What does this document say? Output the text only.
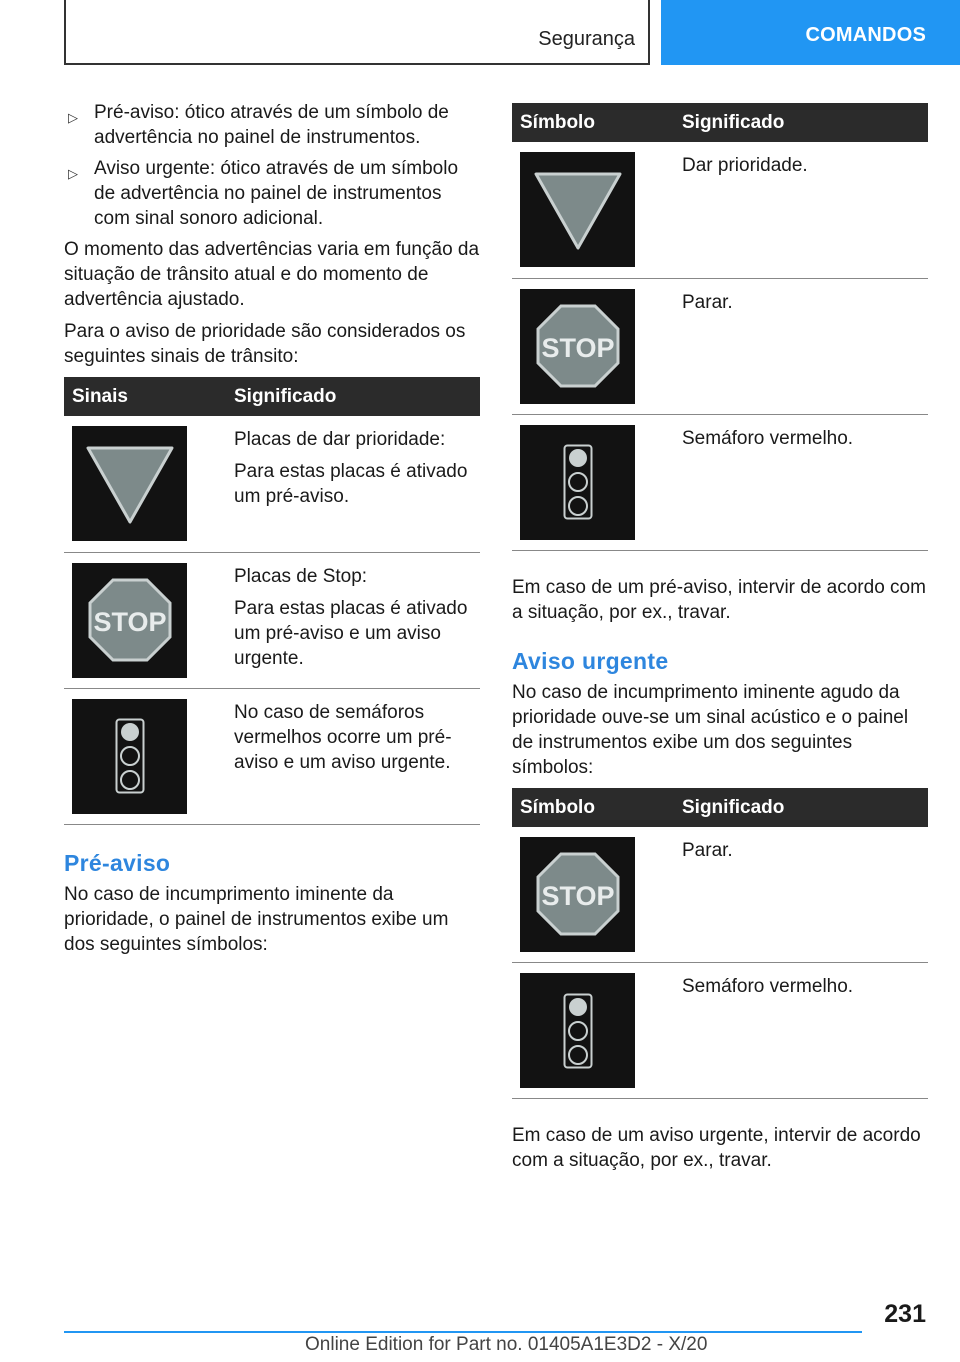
Segurança	COMANDOS
▷ Pré-aviso: ótico através de um símbolo de advertência no painel de instrumentos.
▷ Aviso urgente: ótico através de um símbolo de advertência no painel de instrumentos com sinal sonoro adicional.

O momento das advertências varia em função da situação de trânsito atual e do momento de advertência ajustado.

Para o aviso de prioridade são considerados os seguintes sinais de trânsito:

Sinais	Significado

Placas de dar prioridade:

Para estas placas é ativado um pré-aviso.

STOP	Placas de Stop:

Para estas placas é ativado um pré-aviso e um aviso urgente.

No caso de semáforos vermelhos ocorre um pré-aviso e um aviso urgente.

Pré-aviso

No caso de incumprimento iminente da prioridade, o painel de instrumentos exibe um dos seguintes símbolos:

Símbolo	Significado

Dar prioridade.

STOP	Parar.

Semáforo vermelho.

Em caso de um pré-aviso, intervir de acordo com a situação, por ex., travar.

Aviso urgente

No caso de incumprimento iminente agudo da prioridade ouve-se um sinal acústico e o painel de instrumentos exibe um dos seguintes símbolos:

Símbolo	Significado

STOP	Parar.

Semáforo vermelho.

Em caso de um aviso urgente, intervir de acordo com a situação, por ex., travar.

231
Online Edition for Part no. 01405A1E3D2 - X/20
